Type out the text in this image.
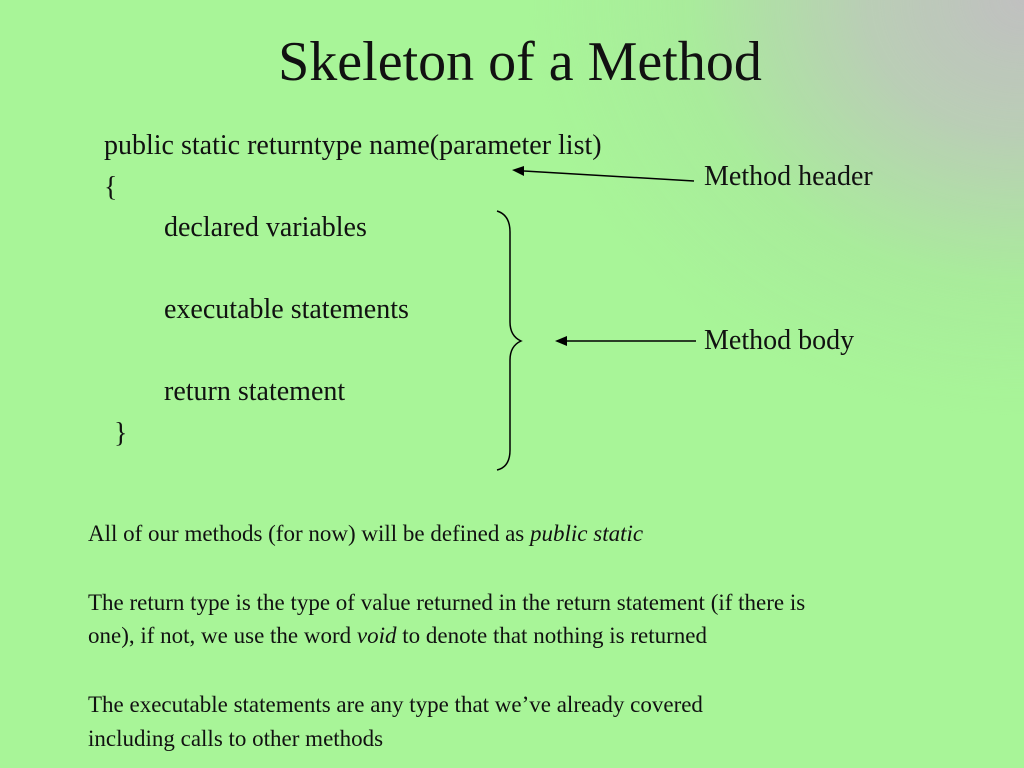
Skeleton of a Method
public static returntype name(parameter list)
{
declared variables
executable statements
return statement
}
Method header
Method body
All of our methods (for now) will be defined as public static
The return type is the type of value returned in the return statement (if there is
one), if not, we use the word void to denote that nothing is returned
The executable statements are any type that we’ve already covered
including calls to other methods
